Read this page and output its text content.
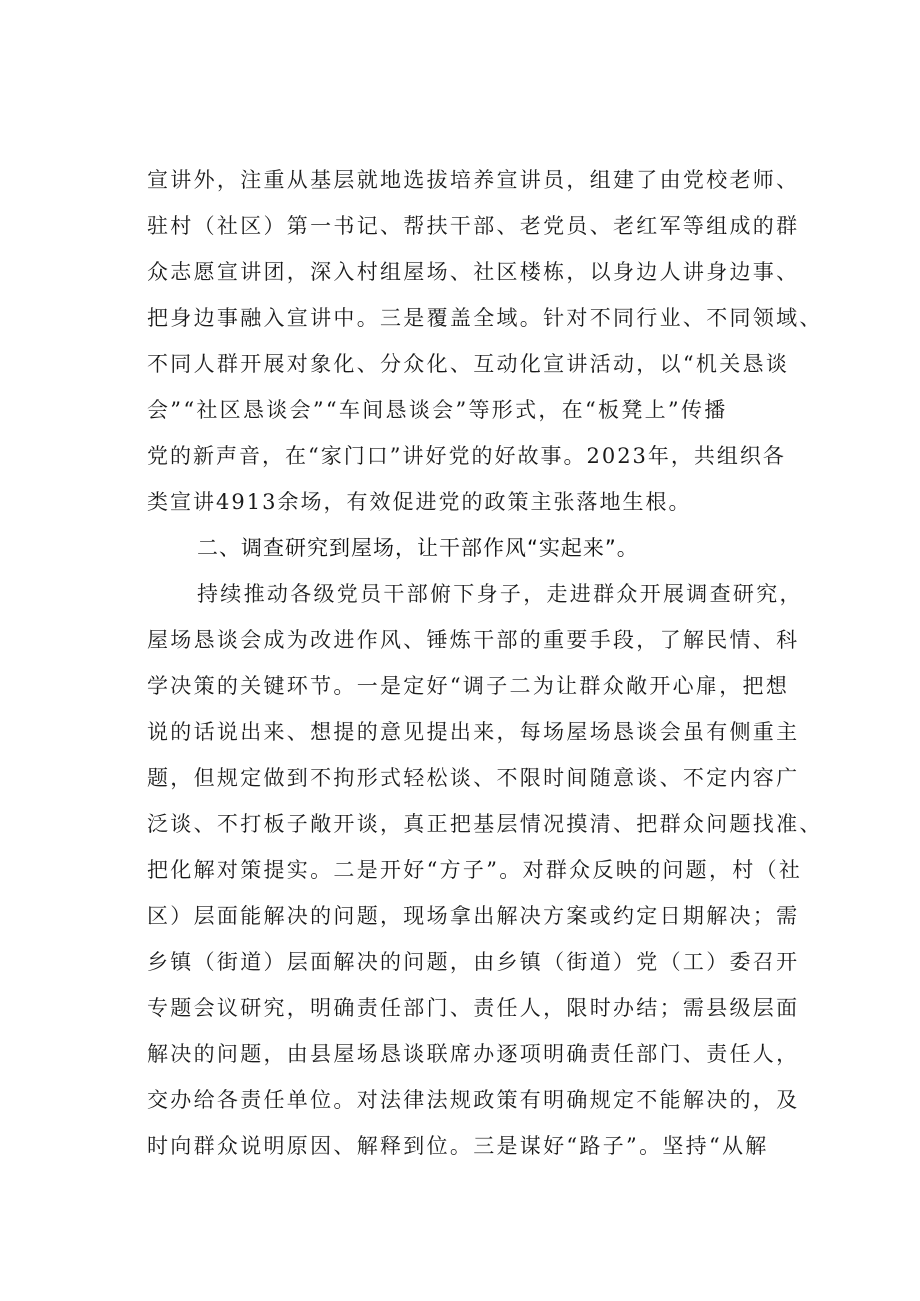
宣讲外，注重从基层就地选拔培养宣讲员，组建了由党校老师、
驻村（社区）第一书记、帮扶干部、老党员、老红军等组成的群
众志愿宣讲团，深入村组屋场、社区楼栋，以身边人讲身边事、
把身边事融入宣讲中。三是覆盖全域。针对不同行业、不同领域、
不同人群开展对象化、分众化、互动化宣讲活动，以“机关恳谈
会”“社区恳谈会”“车间恳谈会”等形式，在“板凳上”传播
党的新声音，在“家门口”讲好党的好故事。2023年，共组织各
类宣讲4913余场，有效促进党的政策主张落地生根。
二、调查研究到屋场，让干部作风“实起来”。
持续推动各级党员干部俯下身子，走进群众开展调查研究，
屋场恳谈会成为改进作风、锤炼干部的重要手段，了解民情、科
学决策的关键环节。一是定好“调子二为让群众敞开心扉，把想
说的话说出来、想提的意见提出来，每场屋场恳谈会虽有侧重主
题，但规定做到不拘形式轻松谈、不限时间随意谈、不定内容广
泛谈、不打板子敞开谈，真正把基层情况摸清、把群众问题找准、
把化解对策提实。二是开好“方子”。对群众反映的问题，村（社
区）层面能解决的问题，现场拿出解决方案或约定日期解决；需
乡镇（街道）层面解决的问题，由乡镇（街道）党（工）委召开
专题会议研究，明确责任部门、责任人，限时办结；需县级层面
解决的问题，由县屋场恳谈联席办逐项明确责任部门、责任人，
交办给各责任单位。对法律法规政策有明确规定不能解决的，及
时向群众说明原因、解释到位。三是谋好“路子”。坚持“从解
